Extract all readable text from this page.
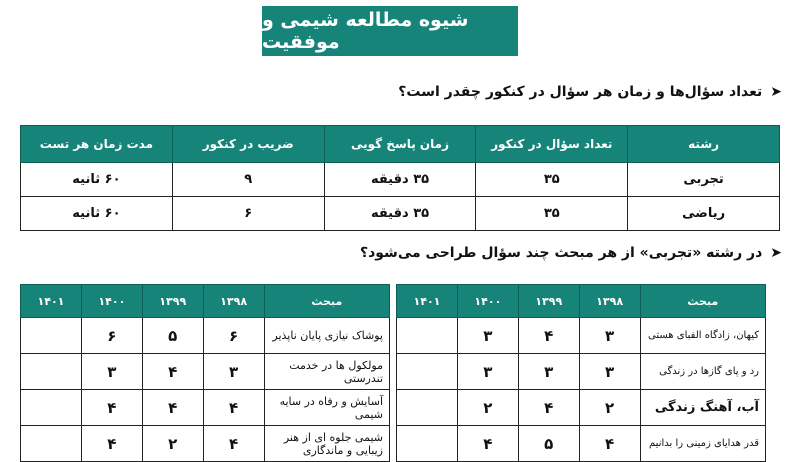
شیوه مطالعه شیمی و موفقیت
➤
تعداد سؤال‌ها و زمان هر سؤال در کنکور چقدر است؟
رشته	تعداد سؤال در کنکور	زمان پاسخ گویی	ضریب در کنکور	مدت زمان هر تست
تجربی	۳۵	۳۵ دقیقه	۹	۶۰ ثانیه
ریاضی	۳۵	۳۵ دقیقه	۶	۶۰ ثانیه
➤
در رشته «تجربی» از هر مبحث چند سؤال طراحی می‌شود؟
مبحث	۱۳۹۸	۱۳۹۹	۱۴۰۰	۱۴۰۱
کیهان، زادگاه الفبای هستی	۳	۴	۳	
رد و پای گازها در زندگی	۳	۳	۳	
آب، آهنگ زندگی	۲	۴	۲	
قدر هدایای زمینی را بدانیم	۴	۵	۴	
مبحث	۱۳۹۸	۱۳۹۹	۱۴۰۰	۱۴۰۱
پوشاک نیازی پایان ناپذیر	۶	۵	۶	
مولکول ها در خدمت تندرستی	۳	۴	۳	
آسایش و رفاه در سایه شیمی	۴	۴	۴	
شیمی جلوه ای از هنر زیبایی و ماندگاری	۴	۲	۴	
